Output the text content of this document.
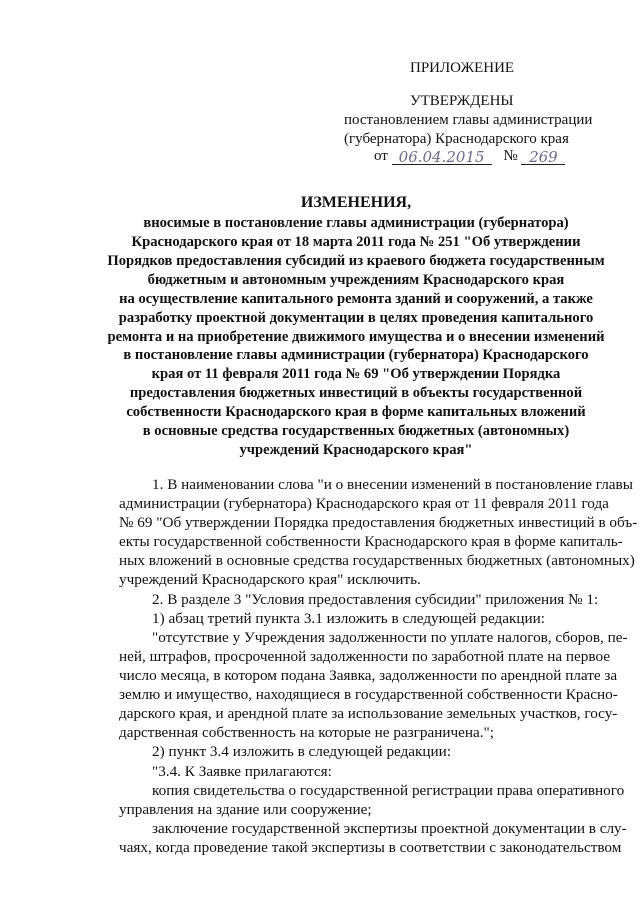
ПРИЛОЖЕНИЕ
УТВЕРЖДЕНЫ
постановлением главы администрации
(губернатора) Краснодарского края
от 06.04.2015 № 269
ИЗМЕНЕНИЯ,
вносимые в постановление главы администрации (губернатора)
Краснодарского края от 18 марта 2011 года № 251 "Об утверждении
Порядков предоставления субсидий из краевого бюджета государственным
бюджетным и автономным учреждениям Краснодарского края
на осуществление капитального ремонта зданий и сооружений, а также
разработку проектной документации в целях проведения капитального
ремонта и на приобретение движимого имущества и о внесении изменений
в постановление главы администрации (губернатора) Краснодарского
края от 11 февраля 2011 года № 69 "Об утверждении Порядка
предоставления бюджетных инвестиций в объекты государственной
собственности Краснодарского края в форме капитальных вложений
в основные средства государственных бюджетных (автономных)
учреждений Краснодарского края"
1. В наименовании слова "и о внесении изменений в постановление главы
администрации (губернатора) Краснодарского края от 11 февраля 2011 года
№ 69 "Об утверждении Порядка предоставления бюджетных инвестиций в объ-
екты государственной собственности Краснодарского края в форме капиталь-
ных вложений в основные средства государственных бюджетных (автономных)
учреждений Краснодарского края" исключить.
2. В разделе 3 "Условия предоставления субсидии" приложения № 1:
1) абзац третий пункта 3.1 изложить в следующей редакции:
"отсутствие у Учреждения задолженности по уплате налогов, сборов, пе-
ней, штрафов, просроченной задолженности по заработной плате на первое
число месяца, в котором подана Заявка, задолженности по арендной плате за
землю и имущество, находящиеся в государственной собственности Красно-
дарского края, и арендной плате за использование земельных участков, госу-
дарственная собственность на которые не разграничена.";
2) пункт 3.4 изложить в следующей редакции:
"3.4. К Заявке прилагаются:
копия свидетельства о государственной регистрации права оперативного
управления на здание или сооружение;
заключение государственной экспертизы проектной документации в слу-
чаях, когда проведение такой экспертизы в соответствии с законодательством
